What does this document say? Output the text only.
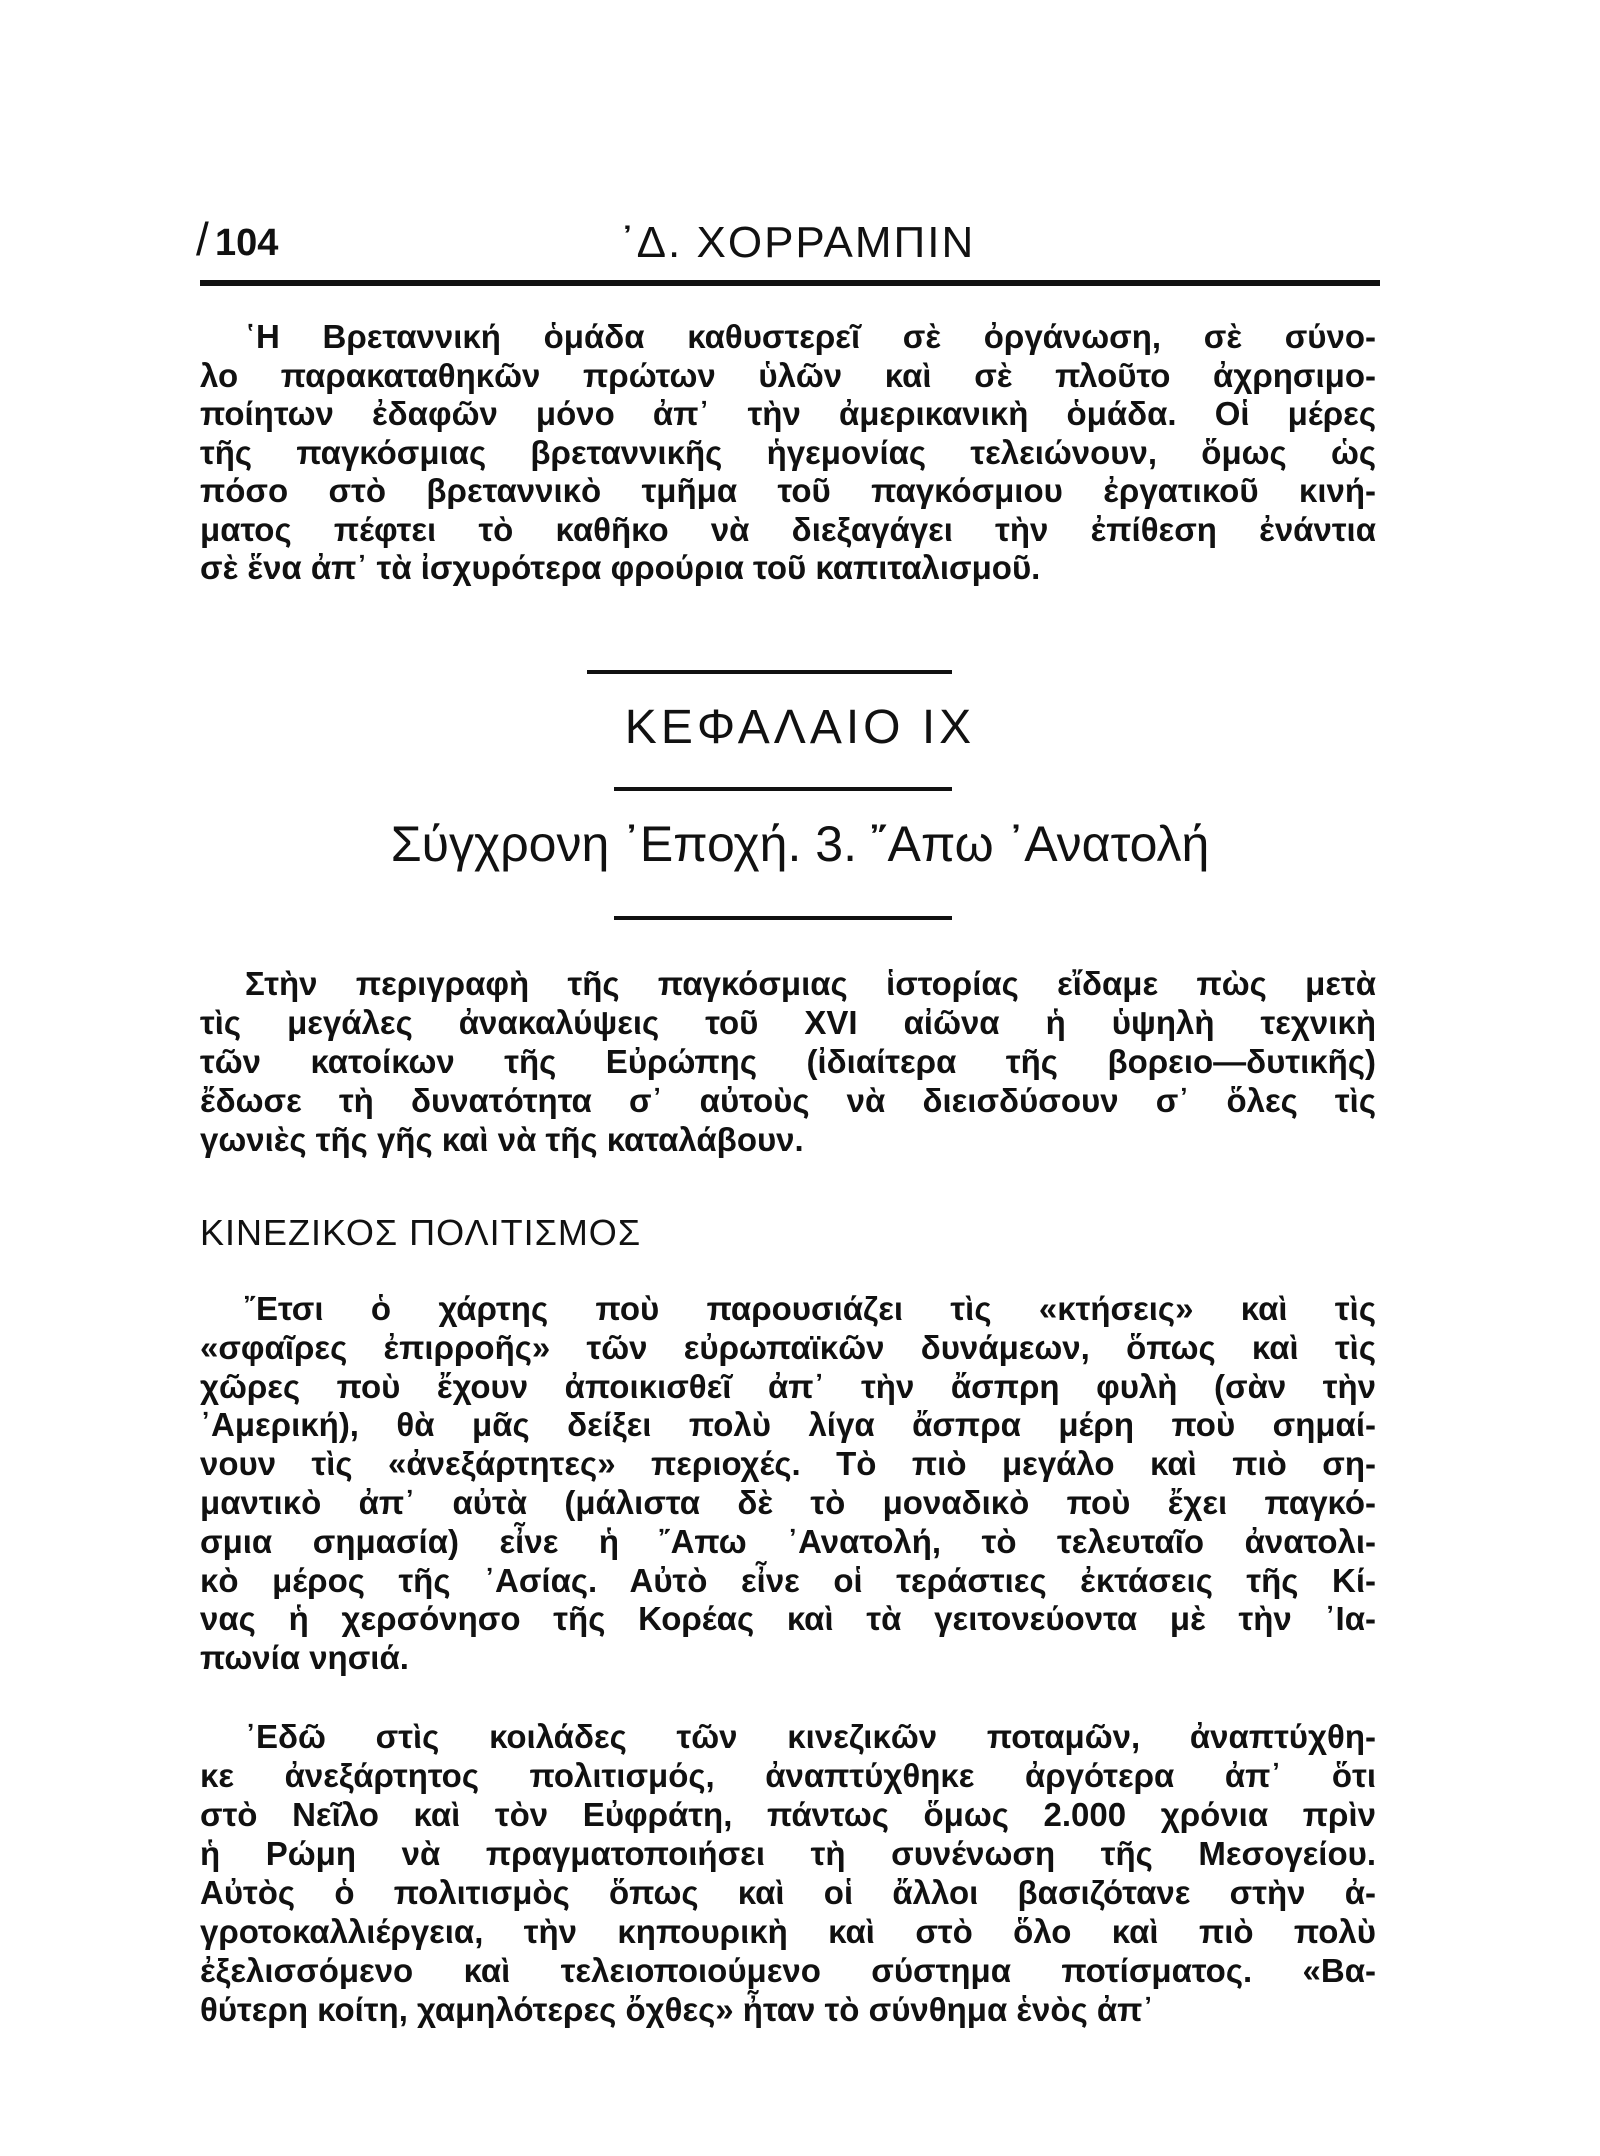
/ 104	᾿Δ. ΧΟΡΡΑΜΠΙΝ
῾Η Βρεταννική ὁμάδα καθυστερεῖ σὲ ὀργάνωση, σὲ σύνο-
λο παρακαταθηκῶν πρώτων ὑλῶν καὶ σὲ πλοῦτο ἀχρησιμο-
ποίητων ἐδαφῶν μόνο ἀπ᾿ τὴν ἀμερικανικὴ ὁμάδα. Οἱ μέρες
τῆς παγκόσμιας βρεταννικῆς ἡγεμονίας τελειώνουν, ὅμως ὡς
πόσο στὸ βρεταννικὸ τμῆμα τοῦ παγκόσμιου ἐργατικοῦ κινή-
ματος πέφτει τὸ καθῆκο νὰ διεξαγάγει τὴν ἐπίθεση ἐνάντια
σὲ ἕνα ἀπ᾿ τὰ ἰσχυρότερα φρούρια τοῦ καπιταλισμοῦ.
ΚΕΦΑΛΑΙΟ ΙΧ
Σύγχρονη ᾿Εποχή. 3. ῎Απω ᾿Ανατολή
Στὴν περιγραφὴ τῆς παγκόσμιας ἱστορίας εἴδαμε πὼς μετὰ
τὶς μεγάλες ἀνακαλύψεις τοῦ XVI αἰῶνα ἡ ὑψηλὴ τεχνικὴ
τῶν κατοίκων τῆς Εὐρώπης (ἰδιαίτερα τῆς βορειο—δυτικῆς)
ἔδωσε τὴ δυνατότητα σ᾿ αὐτοὺς νὰ διεισδύσουν σ᾿ ὅλες τὶς
γωνιὲς τῆς γῆς καὶ νὰ τῆς καταλάβουν.
ΚΙΝΕΖΙΚΟΣ ΠΟΛΙΤΙΣΜΟΣ
῎Ετσι ὁ χάρτης ποὺ παρουσιάζει τὶς «κτήσεις» καὶ τὶς
«σφαῖρες ἐπιρροῆς» τῶν εὐρωπαϊκῶν δυνάμεων, ὅπως καὶ τὶς
χῶρες ποὺ ἔχουν ἀποικισθεῖ ἀπ᾿ τὴν ἄσπρη φυλὴ (σὰν τὴν
᾿Αμερική), θὰ μᾶς δείξει πολὺ λίγα ἄσπρα μέρη ποὺ σημαί-
νουν τὶς «ἀνεξάρτητες» περιοχές. Τὸ πιὸ μεγάλο καὶ πιὸ ση-
μαντικὸ ἀπ᾿ αὐτὰ (μάλιστα δὲ τὸ μοναδικὸ ποὺ ἔχει παγκό-
σμια σημασία) εἶνε ἡ ῎Απω ᾿Ανατολή, τὸ τελευταῖο ἀνατολι-
κὸ μέρος τῆς ᾿Ασίας. Αὐτὸ εἶνε οἱ τεράστιες ἐκτάσεις τῆς Κί-
νας ἡ χερσόνησο τῆς Κορέας καὶ τὰ γειτονεύοντα μὲ τὴν ᾿Ια-
πωνία νησιά.
᾿Εδῶ στὶς κοιλάδες τῶν κινεζικῶν ποταμῶν, ἀναπτύχθη-
κε ἀνεξάρτητος πολιτισμός, ἀναπτύχθηκε ἀργότερα ἀπ᾿ ὅτι
στὸ Νεῖλο καὶ τὸν Εὐφράτη, πάντως ὅμως 2.000 χρόνια πρὶν
ἡ Ρώμη νὰ πραγματοποιήσει τὴ συνένωση τῆς Μεσογείου.
Αὐτὸς ὁ πολιτισμὸς ὅπως καὶ οἱ ἄλλοι βασιζότανε στὴν ἀ-
γροτοκαλλιέργεια, τὴν κηπουρικὴ καὶ στὸ ὅλο καὶ πιὸ πολὺ
ἐξελισσόμενο καὶ τελειοποιούμενο σύστημα ποτίσματος. «Βα-
θύτερη κοίτη, χαμηλότερες ὄχθες» ἦταν τὸ σύνθημα ἑνὸς ἀπ᾿
